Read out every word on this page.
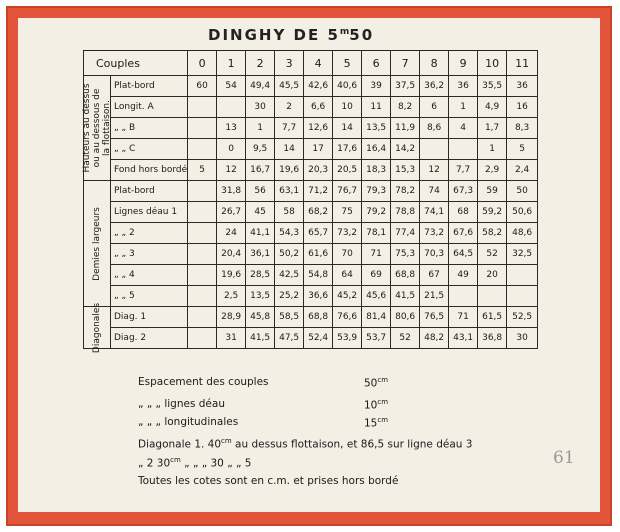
DINGHY DE 5$^m$50
Couples		0	1	2	3	4	5	6	7	8	9	10	11

Hauteurs au dessus ou au dessous de la flottaison.	Plat-bord	60	54	49,4	45,5	42,6	40,6	39	37,5	36,2	36	35,5	36
	Longit. A			30	2	6,6	10	11	8,2	6	1	4,9	16
	„ „ B		13	1	7,7	12,6	14	13,5	11,9	8,6	4	1,7	8,3
	„ „ C		0	9,5	14	17	17,6	16,4	14,2			1	5
	Fond hors bordé	5	12	16,7	19,6	20,3	20,5	18,3	15,3	12	7,7	2,9	2,4

Demies largeurs	Plat-bord		31,8	56	63,1	71,2	76,7	79,3	78,2	74	67,3	59	50
	Lignes déau 1		26,7	45	58	68,2	75	79,2	78,8	74,1	68	59,2	50,6
	„ „ 2		24	41,1	54,3	65,7	73,2	78,1	77,4	73,2	67,6	58,2	48,6
	„ „ 3		20,4	36,1	50,2	61,6	70	71	75,3	70,3	64,5	52	32,5
	„ „ 4		19,6	28,5	42,5	54,8	64	69	68,8	67	49	20	
	„ „ 5		2,5	13,5	25,2	36,6	45,2	45,6	41,5	21,5			

Diagonales	Diag. 1		28,9	45,8	58,5	68,8	76,6	81,4	80,6	76,5	71	61,5	52,5
	Diag. 2		31	41,5	47,5	52,4	53,9	53,7	52	48,2	43,1	36,8	30
Espacement des couples	$50^{cm}$
„ „ „ lignes déau	$10^{cm}$
„ „ „ longitudinales	$15^{cm}$
Diagonale 1. $40^{cm}$ au dessus flottaison, et 86,5 sur ligne déau 3
„ 2 $30^{cm}$ „ „ „ 30 „ „ 5
Toutes les cotes sont en c.m. et prises hors bordé
61
